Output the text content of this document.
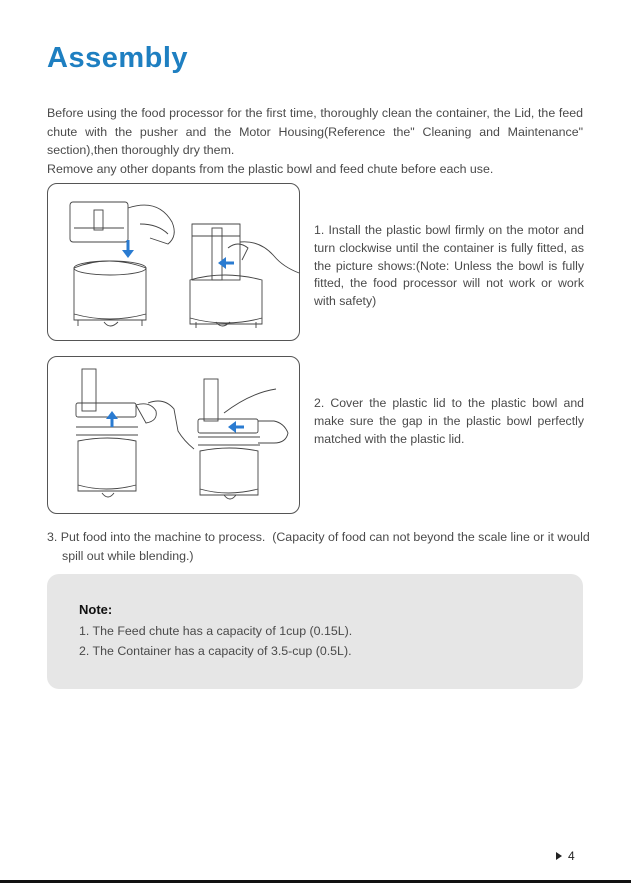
Assembly

Before using the food processor for the first time, thoroughly clean the container, the Lid, the feed chute with the pusher and the Motor Housing(Reference the" Cleaning and Maintenance" section),then thoroughly dry them.

Remove any other dopants from the plastic bowl and feed chute before each use.

1. Install the plastic bowl firmly on the motor and turn clockwise until the container is fully fitted, as the picture shows:(Note: Unless the bowl is fully fitted, the food processor will not work or work with safety)
2. Cover the plastic lid to the plastic bowl and make sure the gap in the plastic bowl perfectly matched with the plastic lid.
3. Put food into the machine to process.  (Capacity of food can not beyond the scale line or it would spill out while blending.)
Note:
1. The Feed chute has a capacity of 1cup (0.15L).
2. The Container has a capacity of 3.5-cup (0.5L).
4
